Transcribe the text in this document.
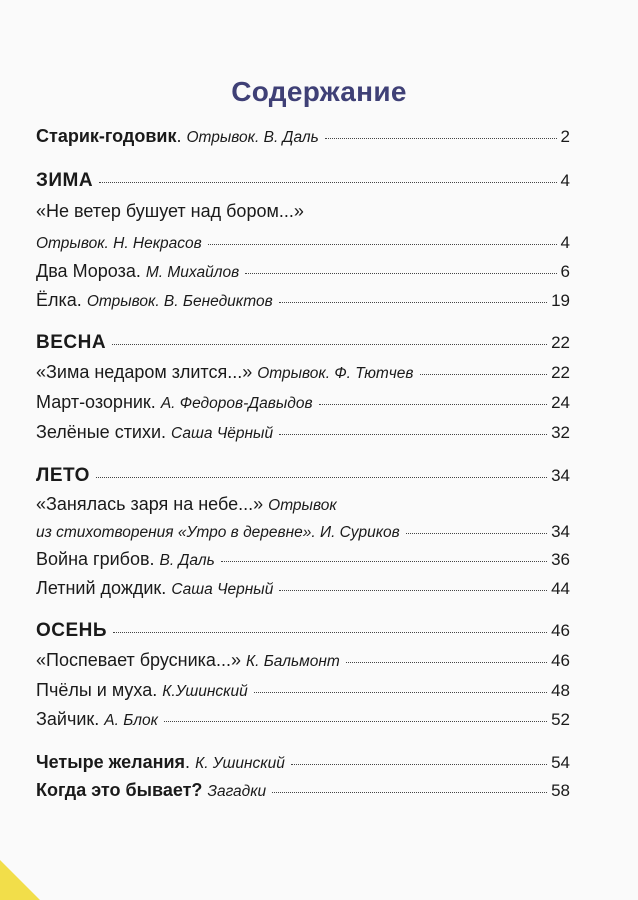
Содержание
Старик-годовик. Отрывок. В. Даль	2
ЗИМА	4
«Не ветер бушует над бором...»
Отрывок. Н. Некрасов	4
Два Мороза. М. Михайлов	6
Ёлка. Отрывок. В. Бенедиктов	19
ВЕСНА	22
«Зима недаром злится...» Отрывок. Ф. Тютчев	22
Март-озорник. А. Федоров-Давыдов	24
Зелёные стихи. Саша Чёрный	32
ЛЕТО	34
«Занялась заря на небе...» Отрывок
из стихотворения «Утро в деревне». И. Суриков	34
Война грибов. В. Даль	36
Летний дождик. Саша Черный	44
ОСЕНЬ	46
«Поспевает брусника...» К. Бальмонт	46
Пчёлы и муха. К.Ушинский	48
Зайчик. А. Блок	52
Четыре желания. К. Ушинский	54
Когда это бывает? Загадки	58
